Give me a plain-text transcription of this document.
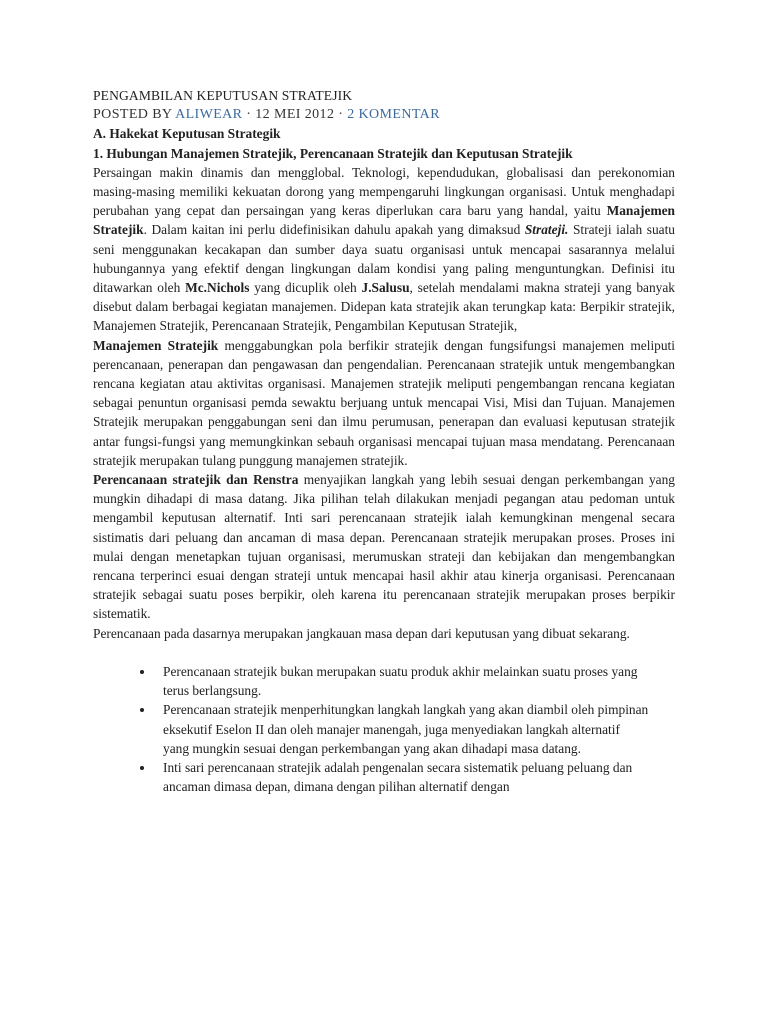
PENGAMBILAN KEPUTUSAN STRATEJIK
POSTED BY ALIWEAR · 12 MEI 2012 · 2 KOMENTAR
A. Hakekat Keputusan Strategik
1. Hubungan Manajemen Stratejik, Perencanaan Stratejik dan Keputusan Stratejik

Persaingan makin dinamis dan mengglobal. Teknologi, kependudukan, globalisasi dan perekonomian masing-masing memiliki kekuatan dorong yang mempengaruhi lingkungan organisasi. Untuk menghadapi perubahan yang cepat dan persaingan yang keras diperlukan cara baru yang handal, yaitu Manajemen Stratejik. Dalam kaitan ini perlu didefinisikan dahulu apakah yang dimaksud Strateji. Strateji ialah suatu seni menggunakan kecakapan dan sumber daya suatu organisasi untuk mencapai sasarannya melalui hubungannya yang efektif dengan lingkungan dalam kondisi yang paling menguntungkan. Definisi itu ditawarkan oleh Mc.Nichols yang dicuplik oleh J.Salusu, setelah mendalami makna strateji yang banyak disebut dalam berbagai kegiatan manajemen. Didepan kata stratejik akan terungkap kata: Berpikir stratejik, Manajemen Stratejik, Perencanaan Stratejik, Pengambilan Keputusan Stratejik,

Manajemen Stratejik menggabungkan pola berfikir stratejik dengan fungsifungsi manajemen meliputi perencanaan, penerapan dan pengawasan dan pengendalian. Perencanaan stratejik untuk mengembangkan rencana kegiatan atau aktivitas organisasi. Manajemen stratejik meliputi pengembangan rencana kegiatan sebagai penuntun organisasi pemda sewaktu berjuang untuk mencapai Visi, Misi dan Tujuan. Manajemen Stratejik merupakan penggabungan seni dan ilmu perumusan, penerapan dan evaluasi keputusan stratejik antar fungsi-fungsi yang memungkinkan sebauh organisasi mencapai tujuan masa mendatang. Perencanaan stratejik merupakan tulang punggung manajemen stratejik.

Perencanaan stratejik dan Renstra menyajikan langkah yang lebih sesuai dengan perkembangan yang mungkin dihadapi di masa datang. Jika pilihan telah dilakukan menjadi pegangan atau pedoman untuk mengambil keputusan alternatif. Inti sari perencanaan stratejik ialah kemungkinan mengenal secara sistimatis dari peluang dan ancaman di masa depan. Perencanaan stratejik merupakan proses. Proses ini mulai dengan menetapkan tujuan organisasi, merumuskan strateji dan kebijakan dan mengembangkan rencana terperinci esuai dengan strateji untuk mencapai hasil akhir atau kinerja organisasi. Perencanaan stratejik sebagai suatu poses berpikir, oleh karena itu perencanaan stratejik merupakan proses berpikir sistematik.

Perencanaan pada dasarnya merupakan jangkauan masa depan dari keputusan yang dibuat sekarang.

Perencanaan stratejik bukan merupakan suatu produk akhir melainkan suatu proses yang terus berlangsung.
Perencanaan stratejik menperhitungkan langkah langkah yang akan diambil oleh pimpinan eksekutif Eselon II dan oleh manajer manengah, juga menyediakan langkah alternatif yang mungkin sesuai dengan perkembangan yang akan dihadapi masa datang.
Inti sari perencanaan stratejik adalah pengenalan secara sistematik peluang peluang dan ancaman dimasa depan, dimana dengan pilihan alternatif dengan
